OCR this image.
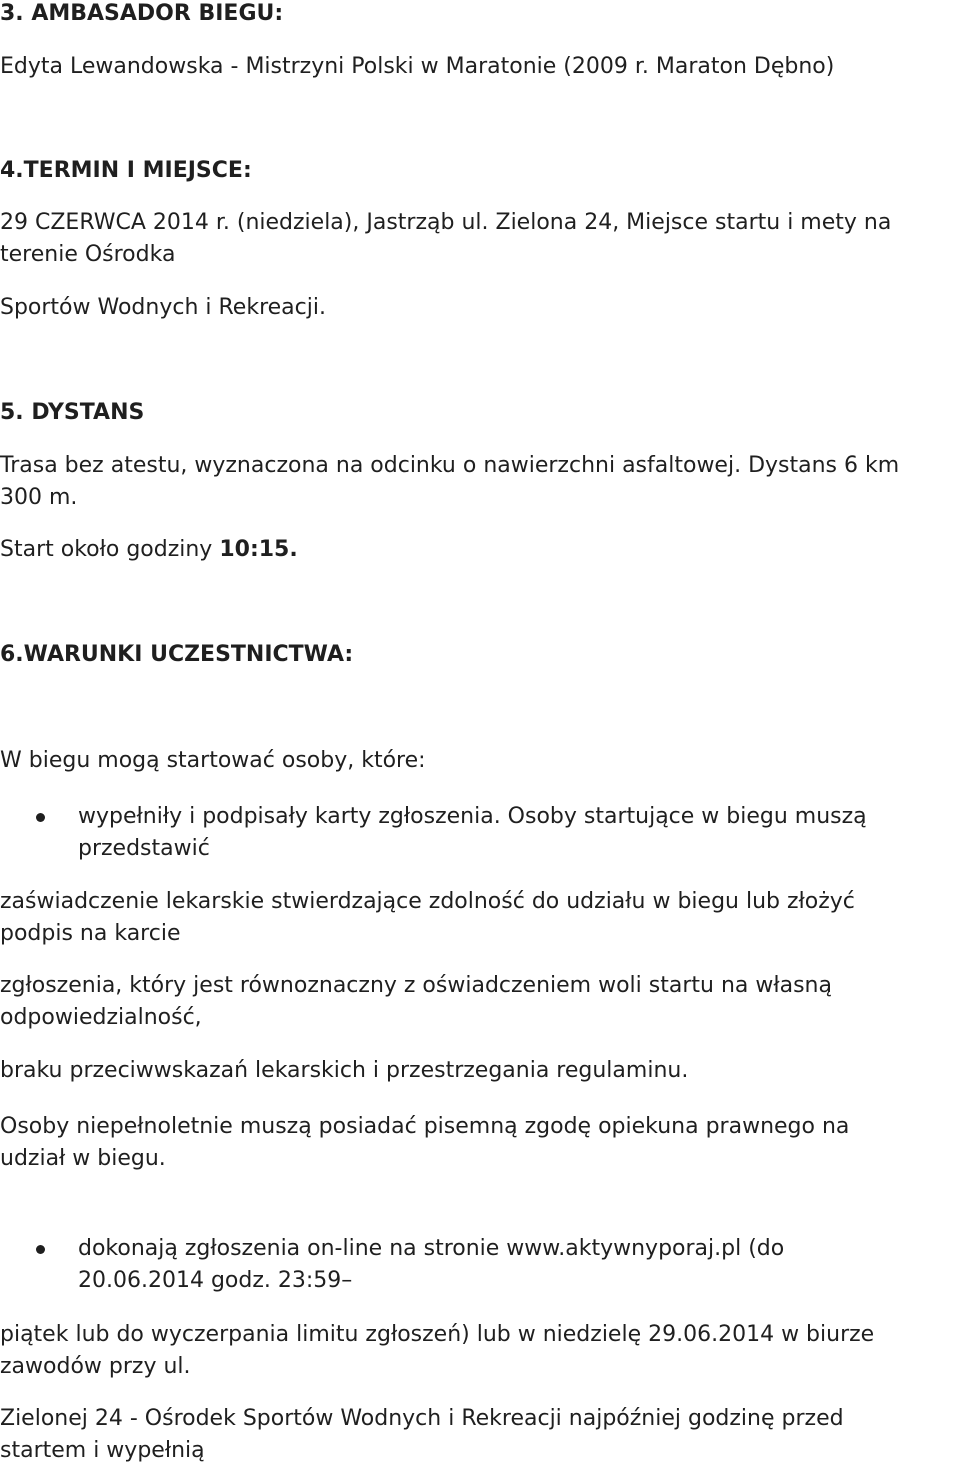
3. AMBASADOR BIEGU:

Edyta Lewandowska - Mistrzyni Polski w Maratonie (2009 r. Maraton Dębno)

4.TERMIN I MIEJSCE:

29 CZERWCA 2014 r. (niedziela), Jastrząb ul. Zielona 24, Miejsce startu i mety na

terenie Ośrodka

Sportów Wodnych i Rekreacji.

5. DYSTANS

Trasa bez atestu, wyznaczona na odcinku o nawierzchni asfaltowej. Dystans 6 km

300 m.

Start około godziny 10:15.

6.WARUNKI UCZESTNICTWA:

W biegu mogą startować osoby, które:

wypełniły i podpisały karty zgłoszenia. Osoby startujące w biegu muszą

przedstawić

zaświadczenie lekarskie stwierdzające zdolność do udziału w biegu lub złożyć

podpis na karcie

zgłoszenia, który jest równoznaczny z oświadczeniem woli startu na własną

odpowiedzialność,

braku przeciwwskazań lekarskich i przestrzegania regulaminu.

Osoby niepełnoletnie muszą posiadać pisemną zgodę opiekuna prawnego na

udział w biegu.

dokonają zgłoszenia on-line na stronie www.aktywnyporaj.pl (do

20.06.2014 godz. 23:59–

piątek lub do wyczerpania limitu zgłoszeń) lub w niedzielę 29.06.2014 w biurze

zawodów przy ul.

Zielonej 24 - Ośrodek Sportów Wodnych i Rekreacji najpóźniej godzinę przed

startem i wypełnią
